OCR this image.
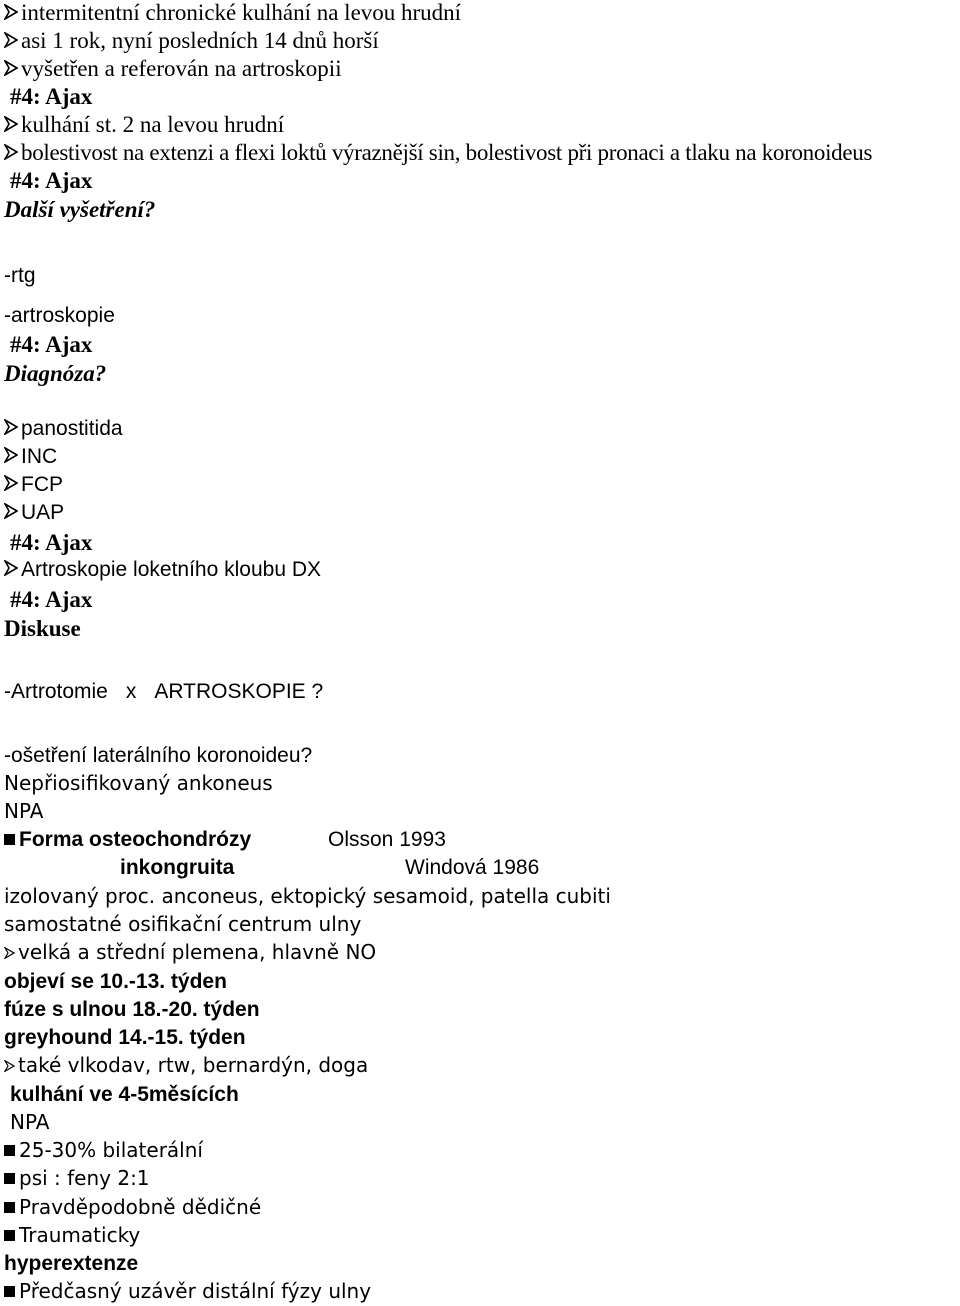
intermitentní chronické kulhání na levou hrudní
asi 1 rok, nyní posledních 14 dnů horší
vyšetřen a referován na artroskopii
#4: Ajax
kulhání st. 2 na levou hrudní
bolestivost na extenzi a flexi loktů výraznější sin, bolestivost při pronaci a tlaku na koronoideus
#4: Ajax
Další vyšetření?
-rtg
-artroskopie
#4: Ajax
Diagnóza?
panostitida
INC
FCP
UAP
#4: Ajax
Artroskopie loketního kloubu DX
#4: Ajax
Diskuse
-Artrotomie x ARTROSKOPIE ?
-ošetření laterálního koronoideu?
Nepřiosifikovaný ankoneus
NPA
Forma osteochondrózy	Olsson 1993
inkongruita	Windová 1986
izolovaný proc. anconeus, ektopický sesamoid, patella cubiti
samostatné osifikační centrum ulny
velká a střední plemena, hlavně NO
objeví se 10.-13. týden
fúze s ulnou 18.-20. týden
greyhound 14.-15. týden
také vlkodav, rtw, bernardýn, doga
kulhání ve 4-5měsících
NPA
25-30% bilaterální
psi : feny 2:1
Pravděpodobně dědičné
Traumaticky
hyperextenze
Předčasný uzávěr distální fýzy ulny
